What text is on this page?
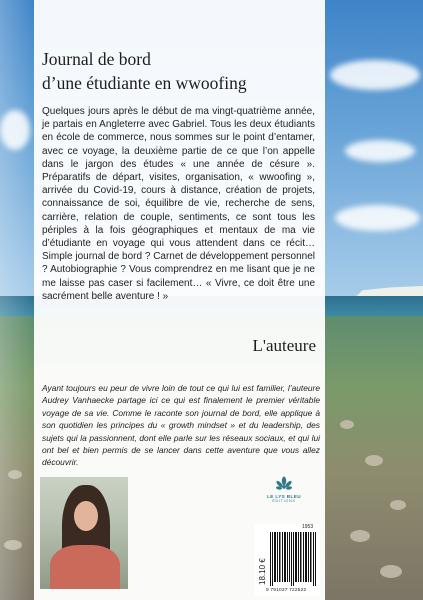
Journal de bord
d’une étudiante en wwoofing

Quelques jours après le début de ma vingt-quatrième année, je partais en Angleterre avec Gabriel. Tous les deux étudiants en école de commerce, nous sommes sur le point d’entamer, avec ce voyage, la deuxième partie de ce que l’on appelle dans le jargon des études « une année de césure ». Préparatifs de départ, visites, organisation, « wwoofing », arrivée du Covid-19, cours à distance, création de projets, connaissance de soi, équilibre de vie, recherche de sens, carrière, relation de couple, sentiments, ce sont tous les périples à la fois géographiques et mentaux de ma vie d’étudiante en voyage qui vous attendent dans ce récit… Simple journal de bord ? Carnet de développement personnel ? Autobiographie ? Vous comprendrez en me lisant que je ne me laisse pas caser si facilement… « Vivre, ce doit être une sacrément belle aventure ! »

L'auteure

Ayant toujours eu peur de vivre loin de tout ce qui lui est familier, l’auteure Audrey Vanhaecke partage ici ce qui est finalement le premier véritable voyage de sa vie. Comme le raconte son journal de bord, elle applique à son quotidien les principes du « growth mindset » et du leadership, des sujets qui la passionnent, dont elle parle sur les réseaux sociaux, et qui lui ont bel et bien permis de se lancer dans cette aventure que vous allez découvrir.

LE LYS BLEU
ÉDITIONS
1953
18.10 €
9 791037 722522
